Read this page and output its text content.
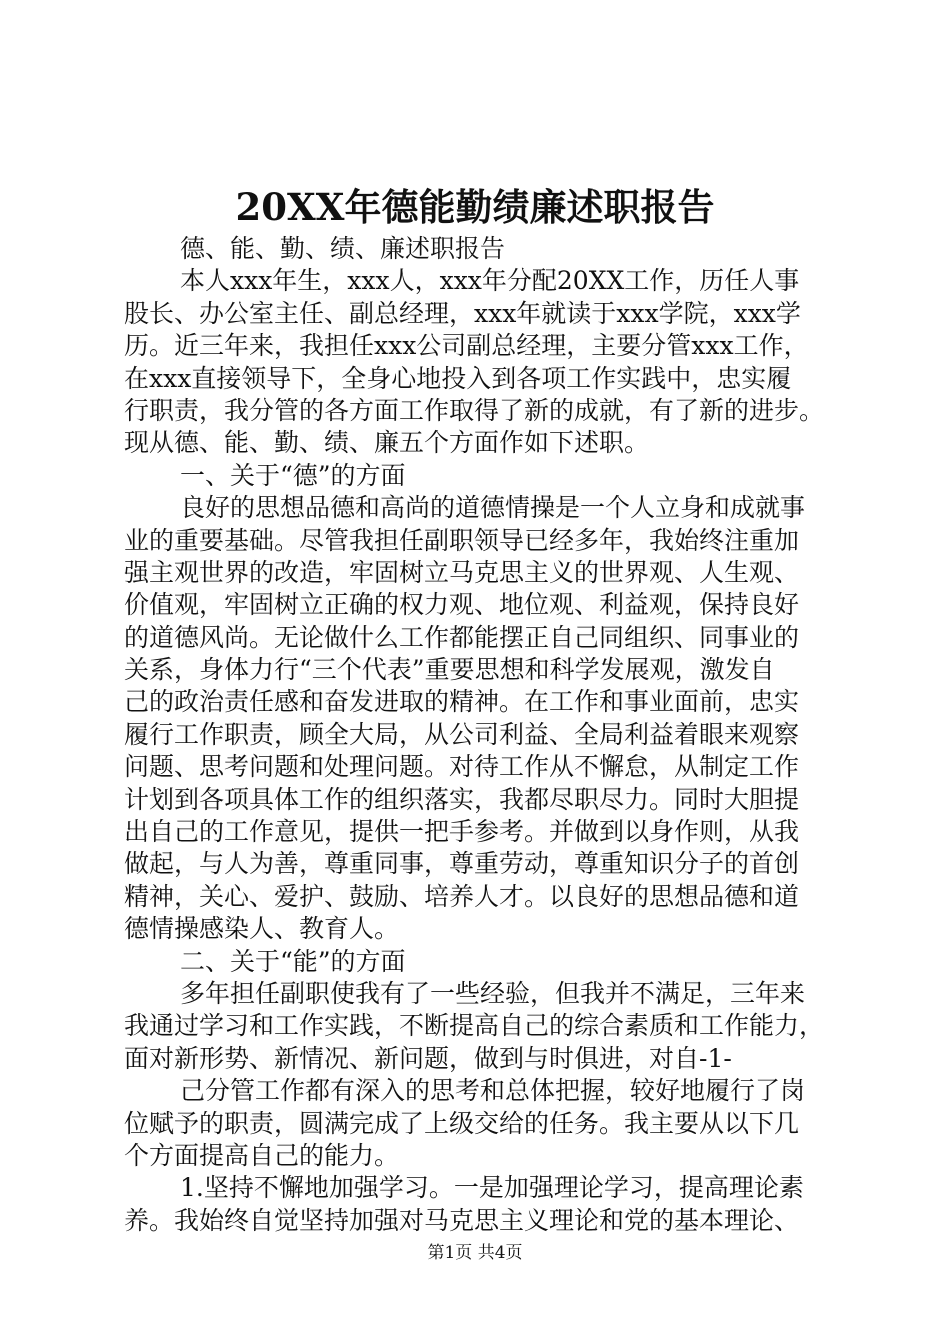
20XX年德能勤绩廉述职报告
德、能、勤、绩、廉述职报告
本人xxx年生，xxx人，xxx年分配20XX工作，历任人事
股长、办公室主任、副总经理，xxx年就读于xxx学院，xxx学
历。近三年来，我担任xxx公司副总经理，主要分管xxx工作，
在xxx直接领导下，全身心地投入到各项工作实践中，忠实履
行职责，我分管的各方面工作取得了新的成就，有了新的进步。
现从德、能、勤、绩、廉五个方面作如下述职。
一、关于“德”的方面
良好的思想品德和高尚的道德情操是一个人立身和成就事
业的重要基础。尽管我担任副职领导已经多年，我始终注重加
强主观世界的改造，牢固树立马克思主义的世界观、人生观、
价值观，牢固树立正确的权力观、地位观、利益观，保持良好
的道德风尚。无论做什么工作都能摆正自己同组织、同事业的
关系，身体力行“三个代表”重要思想和科学发展观，激发自
己的政治责任感和奋发进取的精神。在工作和事业面前，忠实
履行工作职责，顾全大局，从公司利益、全局利益着眼来观察
问题、思考问题和处理问题。对待工作从不懈怠，从制定工作
计划到各项具体工作的组织落实，我都尽职尽力。同时大胆提
出自己的工作意见，提供一把手参考。并做到以身作则，从我
做起，与人为善，尊重同事，尊重劳动，尊重知识分子的首创
精神，关心、爱护、鼓励、培养人才。以良好的思想品德和道
德情操感染人、教育人。
二、关于“能”的方面
多年担任副职使我有了一些经验，但我并不满足，三年来
我通过学习和工作实践，不断提高自己的综合素质和工作能力，
面对新形势、新情况、新问题，做到与时俱进，对自-1-
己分管工作都有深入的思考和总体把握，较好地履行了岗
位赋予的职责，圆满完成了上级交给的任务。我主要从以下几
个方面提高自己的能力。
1.坚持不懈地加强学习。一是加强理论学习，提高理论素
养。我始终自觉坚持加强对马克思主义理论和党的基本理论、
第1页 共4页
